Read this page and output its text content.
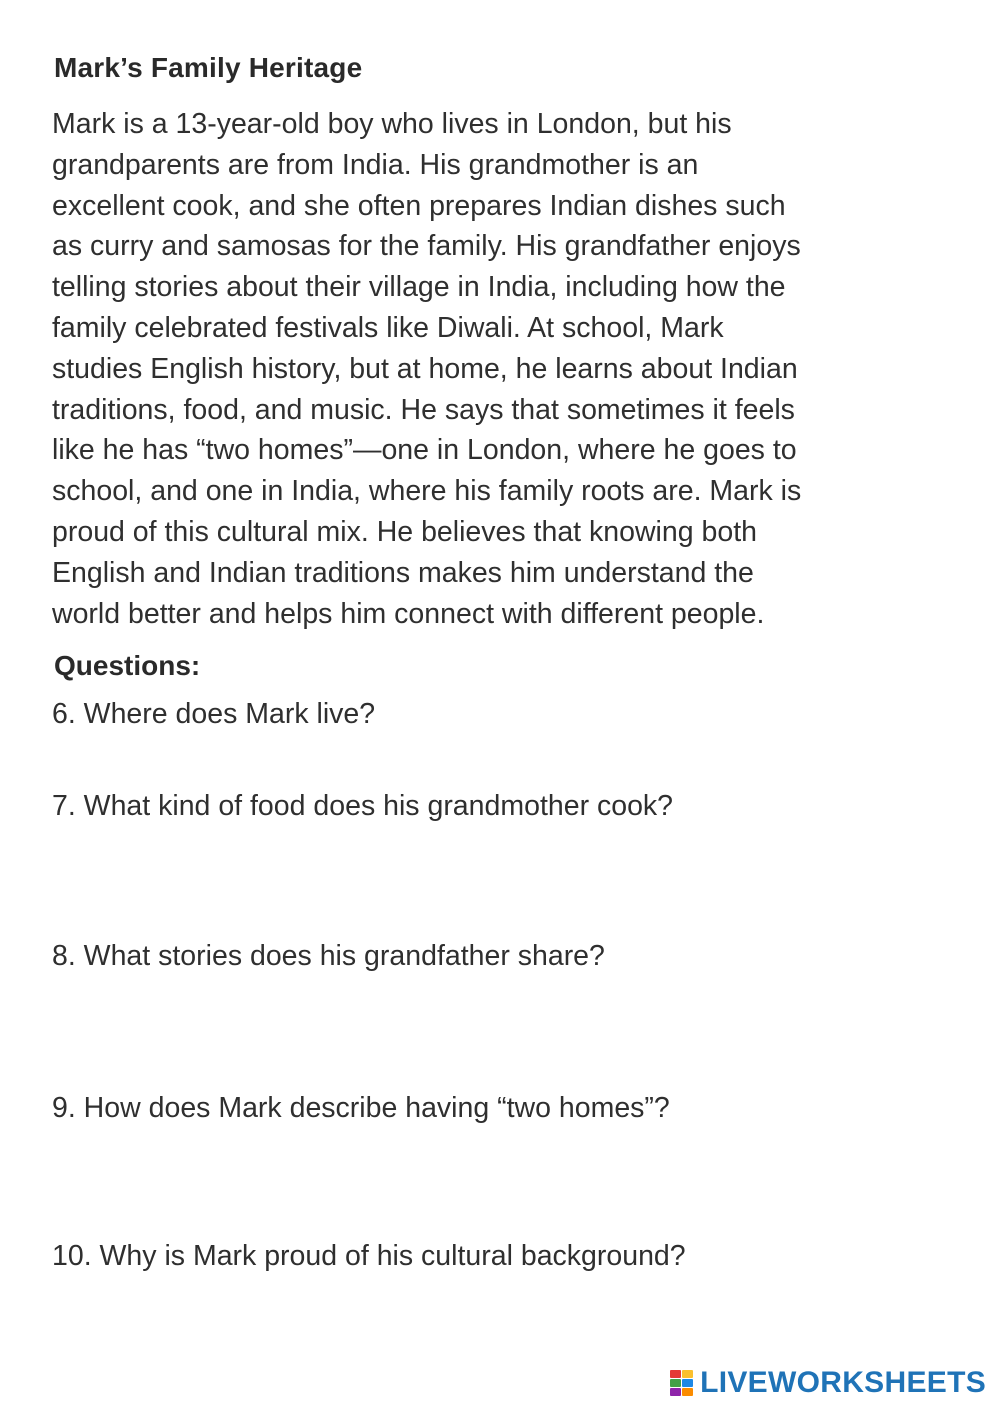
Mark’s Family Heritage
Mark is a 13-year-old boy who lives in London, but his
grandparents are from India. His grandmother is an
excellent cook, and she often prepares Indian dishes such
as curry and samosas for the family. His grandfather enjoys
telling stories about their village in India, including how the
family celebrated festivals like Diwali. At school, Mark
studies English history, but at home, he learns about Indian
traditions, food, and music. He says that sometimes it feels
like he has “two homes”—one in London, where he goes to
school, and one in India, where his family roots are. Mark is
proud of this cultural mix. He believes that knowing both
English and Indian traditions makes him understand the
world better and helps him connect with different people.
Questions:
6. Where does Mark live?
7. What kind of food does his grandmother cook?
8. What stories does his grandfather share?
9. How does Mark describe having “two homes”?
10. Why is Mark proud of his cultural background?
LIVEWORKSHEETS
